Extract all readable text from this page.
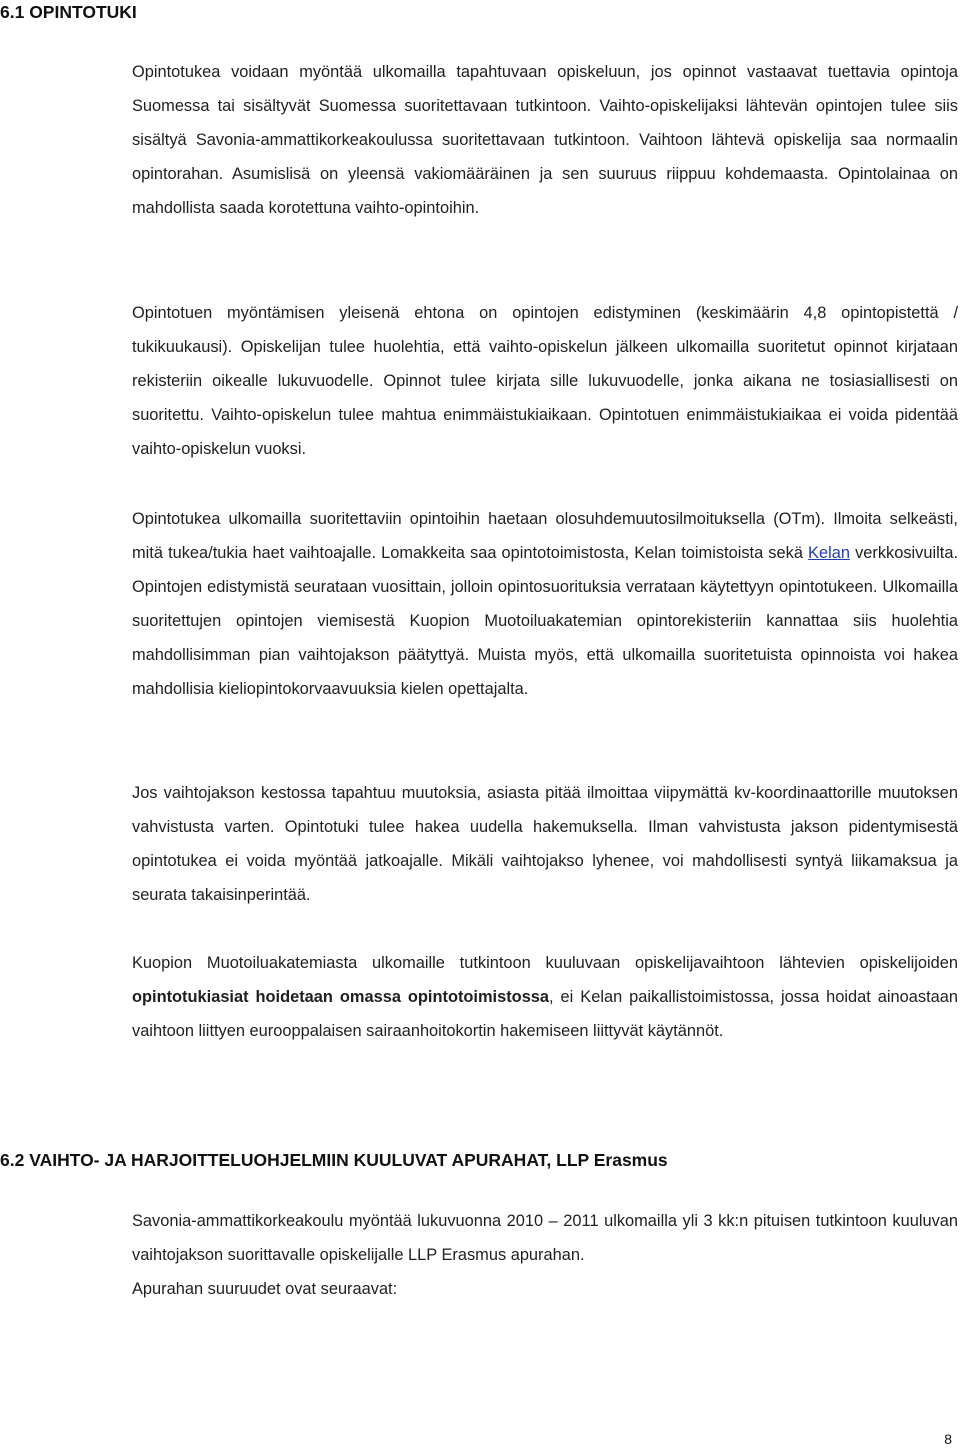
6.1 OPINTOTUKI

Opintotukea voidaan myöntää ulkomailla tapahtuvaan opiskeluun, jos opinnot vastaavat tuettavia opintoja Suomessa tai sisältyvät Suomessa suoritettavaan tutkintoon. Vaihto-opiskelijaksi lähtevän opintojen tulee siis sisältyä Savonia-ammattikorkeakoulussa suoritettavaan tutkintoon. Vaihtoon lähtevä opiskelija saa normaalin opintorahan. Asumislisä on yleensä vakiomääräinen ja sen suuruus riippuu kohdemaasta. Opintolainaa on mahdollista saada korotettuna vaihto-opintoihin.

Opintotuen myöntämisen yleisenä ehtona on opintojen edistyminen (keskimäärin 4,8 opintopistettä / tukikuukausi). Opiskelijan tulee huolehtia, että vaihto-opiskelun jälkeen ulkomailla suoritetut opinnot kirjataan rekisteriin oikealle lukuvuodelle. Opinnot tulee kirjata sille lukuvuodelle, jonka aikana ne tosiasiallisesti on suoritettu. Vaihto-opiskelun tulee mahtua enimmäistukiaikaan. Opintotuen enimmäistukiaikaa ei voida pidentää vaihto-opiskelun vuoksi.

Opintotukea ulkomailla suoritettaviin opintoihin haetaan olosuhdemuutosilmoituksella (OTm). Ilmoita selkeästi, mitä tukea/tukia haet vaihtoajalle. Lomakkeita saa opintotoimistosta, Kelan toimistoista sekä Kelan verkkosivuilta. Opintojen edistymistä seurataan vuosittain, jolloin opintosuorituksia verrataan käytettyyn opintotukeen. Ulkomailla suoritettujen opintojen viemisestä Kuopion Muotoiluakatemian opintorekisteriin kannattaa siis huolehtia mahdollisimman pian vaihtojakson päätyttyä. Muista myös, että ulkomailla suoritetuista opinnoista voi hakea mahdollisia kieliopintokorvaavuuksia kielen opettajalta.

Jos vaihtojakson kestossa tapahtuu muutoksia, asiasta pitää ilmoittaa viipymättä kv-koordinaattorille muutoksen vahvistusta varten. Opintotuki tulee hakea uudella hakemuksella. Ilman vahvistusta jakson pidentymisestä opintotukea ei voida myöntää jatkoajalle. Mikäli vaihtojakso lyhenee, voi mahdollisesti syntyä liikamaksua ja seurata takaisinperintää.

Kuopion Muotoiluakatemiasta ulkomaille tutkintoon kuuluvaan opiskelijavaihtoon lähtevien opiskelijoiden opintotukiasiat hoidetaan omassa opintotoimistossa, ei Kelan paikallistoimistossa, jossa hoidat ainoastaan vaihtoon liittyen eurooppalaisen sairaanhoitokortin hakemiseen liittyvät käytännöt.

6.2 VAIHTO- JA HARJOITTELUOHJELMIIN KUULUVAT APURAHAT, LLP Erasmus

Savonia-ammattikorkeakoulu myöntää lukuvuonna 2010 – 2011 ulkomailla yli 3 kk:n pituisen tutkintoon kuuluvan vaihtojakson suorittavalle opiskelijalle LLP Erasmus apurahan.
Apurahan suuruudet ovat seuraavat:

8
